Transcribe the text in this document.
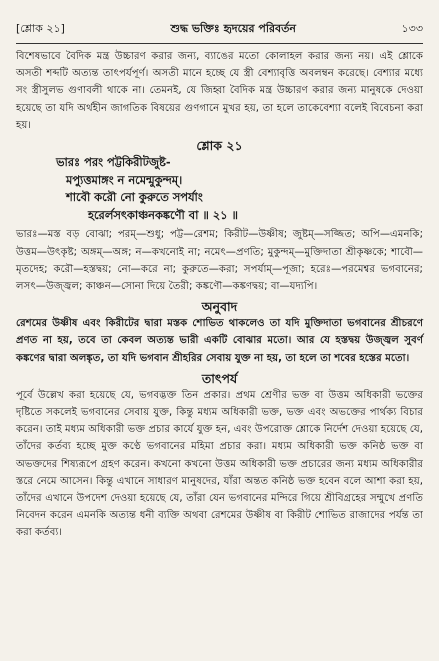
[শ্লোক ২১]	শুদ্ধ ভক্তিঃ হৃদয়ের পরিবর্তন	১৩৩

বিশেষভাবে বৈদিক মন্ত্র উচ্চারণ করার জন্য, ব্যাঙের মতো কোলাহল করার জন্য নয়। এই শ্লোকে অসতী শব্দটি অত্যন্ত তাৎপর্যপূর্ণ। অসতী মানে হচ্ছে যে স্ত্রী বেশ্যাবৃত্তি অবলম্বন করেছে। বেশ্যার মধ্যে সং স্ত্রীসুলভ গুণাবলী থাকে না। তেমনই, যে জিহ্বা বৈদিক মন্ত্র উচ্চারণ করার জন্য মানুষকে দেওয়া হয়েছে তা যদি অর্থহীন জাগতিক বিষয়ের গুণগানে মুখর হয়, তা হলে তাকেবেশ্যা বলেই বিবেচনা করা হয়।

শ্লোক ২১
ভারঃ পরং পট্টকিরীটজুষ্ট-
মপ্যুত্তমাঙ্গং ন নমেন্মুকুন্দম্।
শাবৌ করৌ নো কুরুতে সপর্যাং
হরের্লসৎকাঞ্চনকঙ্কণৌ বা ॥ ২১ ॥

ভারঃ—মস্ত বড় বোঝা; পরম্—শুধু; পট্ট—রেশম; কিরীট—উষ্ণীষ; জুষ্টম্—সজ্জিত; অপি—এমনকি; উত্তম—উৎকৃষ্ট; অঙ্গম্—অঙ্গ; ন—কখনোই না; নমেৎ—প্রণতি; মুকুন্দম্—মুক্তিদাতা শ্রীকৃষ্ণকে; শাবৌ—মৃতদেহ; করৌ—হস্তদ্বয়; নো—করে না; কুরুতে—করা; সপর্যাম্—পূজা; হরেঃ—পরমেশ্বর ভগবানের; লসৎ—উজ্জ্বল; কাঞ্চন—সোনা দিয়ে তৈরী; কঙ্কণৌ—কঙ্কণদ্বয়; বা—যদ্যপি।

অনুবাদ

রেশমের উষ্ণীষ এবং কিরীটের দ্বারা মস্তক শোভিত থাকলেও তা যদি মুক্তিদাতা ভগবানের শ্রীচরণে প্রণত না হয়, তবে তা কেবল অত্যন্ত ভারী একটি বোঝার মতো। আর যে হস্তদ্বয় উজ্জ্বল সুবর্ণ কঙ্কণের দ্বারা অলঙ্কৃত, তা যদি ভগবান শ্রীহরির সেবায় যুক্ত না হয়, তা হলে তা শবের হস্তের মতো।

তাৎপর্য

পূর্বে উল্লেখ করা হয়েছে যে, ভগবদ্ভক্ত তিন প্রকার। প্রথম শ্রেণীর ভক্ত বা উত্তম অধিকারী ভক্তের দৃষ্টিতে সকলেই ভগবানের সেবায় যুক্ত, কিন্তু মধ্যম অধিকারী ভক্ত, ভক্ত এবং অভক্তের পার্থক্য বিচার করেন। তাই মধ্যম অধিকারী ভক্ত প্রচার কার্যে যুক্ত হন, এবং উপরোক্ত শ্লোকে নির্দেশ দেওয়া হয়েছে যে, তাঁদের কর্তব্য হচ্ছে মুক্ত কণ্ঠে ভগবানের মহিমা প্রচার করা। মধ্যম অধিকারী ভক্ত কনিষ্ঠ ভক্ত বা অভক্তদের শিষ্যরূপে গ্রহণ করেন। কখনো কখনো উত্তম অধিকারী ভক্ত প্রচারের জন্য মধ্যম অধিকারীর স্তরে নেমে আসেন। কিন্তু এখানে সাধারণ মানুষদের, যাঁরা অন্তত কনিষ্ঠ ভক্ত হবেন বলে আশা করা হয়, তাঁদের এখানে উপদেশ দেওয়া হয়েছে যে, তাঁরা যেন ভগবানের মন্দিরে গিয়ে শ্রীবিগ্রহের সম্মুখে প্রণতি নিবেদন করেন এমনকি অত্যন্ত ধনী ব্যক্তি অথবা রেশমের উষ্ণীষ বা কিরীট শোভিত রাজাদের পর্যন্ত তা করা কর্তব্য।
